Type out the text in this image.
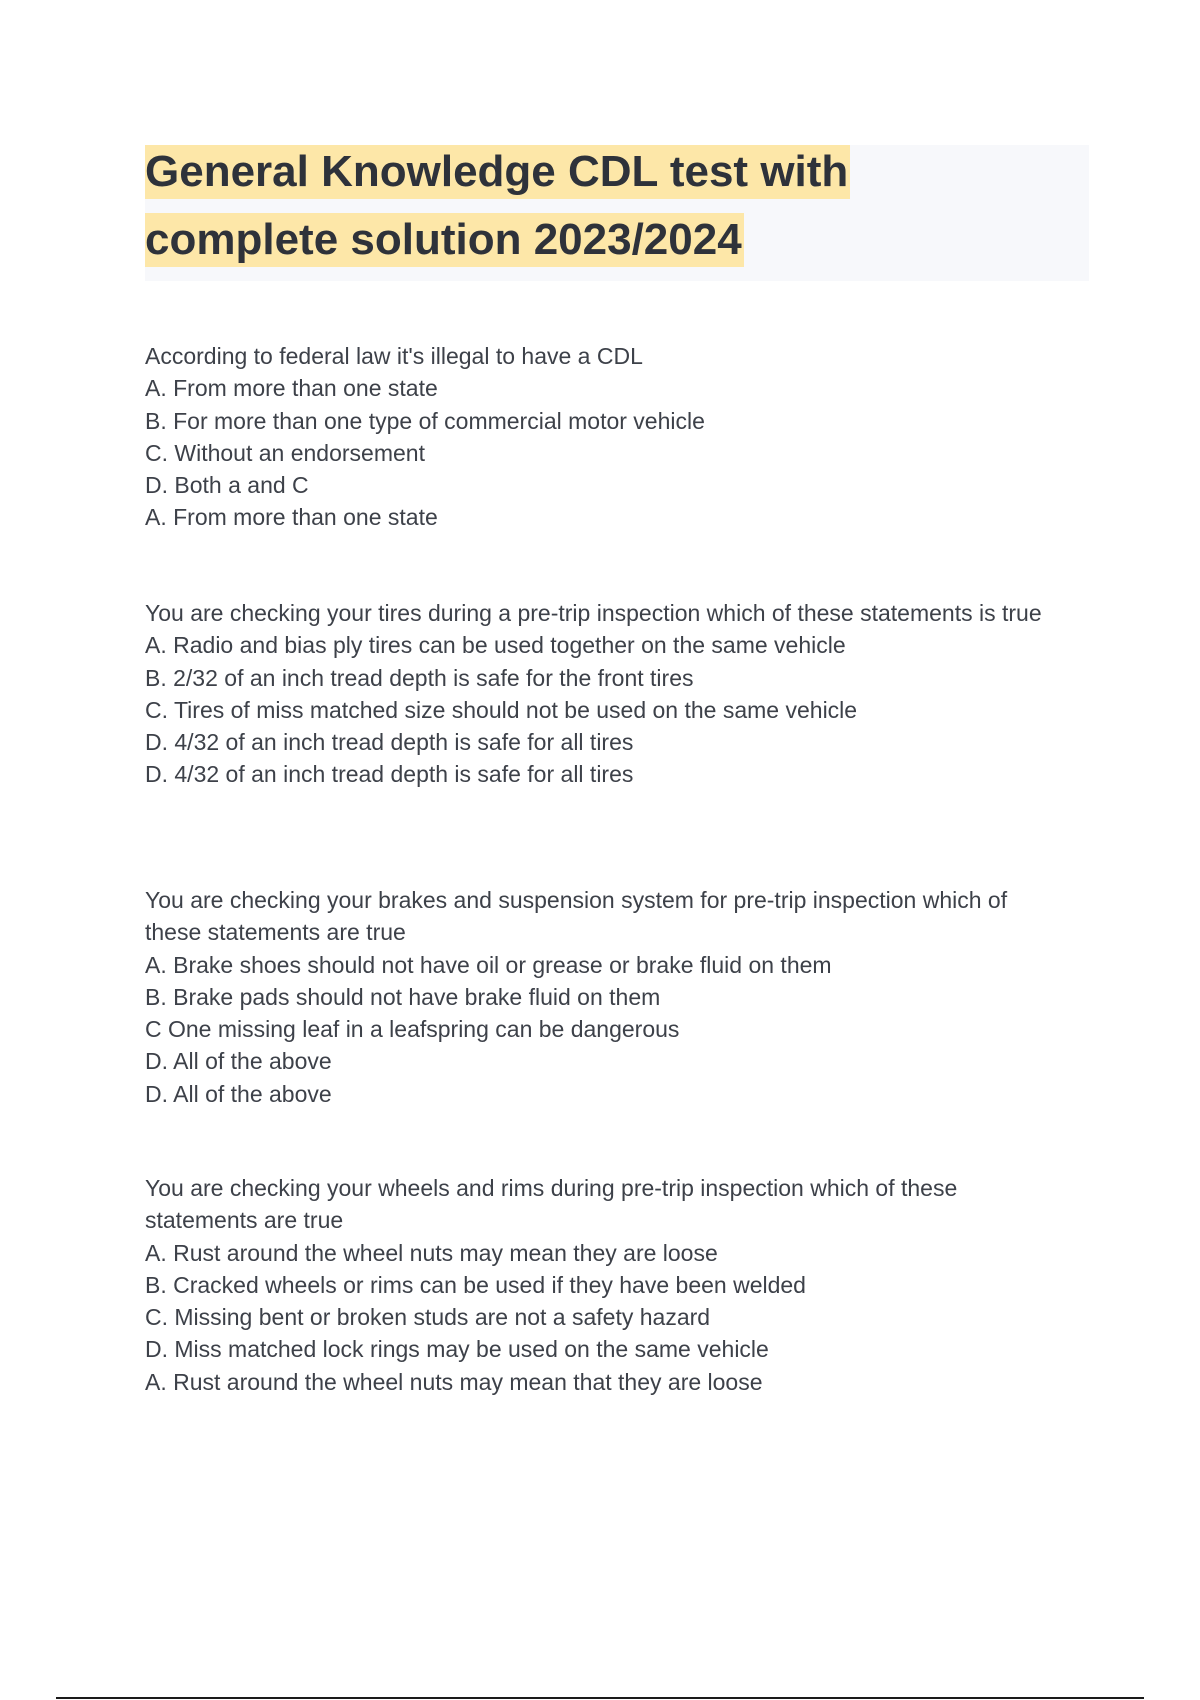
General Knowledge CDL test with
complete solution 2023/2024
According to federal law it's illegal to have a CDL
A. From more than one state
B. For more than one type of commercial motor vehicle
C. Without an endorsement
D. Both a and C
A. From more than one state
You are checking your tires during a pre-trip inspection which of these statements is true
A. Radio and bias ply tires can be used together on the same vehicle
B. 2/32 of an inch tread depth is safe for the front tires
C. Tires of miss matched size should not be used on the same vehicle
D. 4/32 of an inch tread depth is safe for all tires
D. 4/32 of an inch tread depth is safe for all tires
You are checking your brakes and suspension system for pre-trip inspection which of
these statements are true
A. Brake shoes should not have oil or grease or brake fluid on them
B. Brake pads should not have brake fluid on them
C One missing leaf in a leafspring can be dangerous
D. All of the above
D. All of the above
You are checking your wheels and rims during pre-trip inspection which of these
statements are true
A. Rust around the wheel nuts may mean they are loose
B. Cracked wheels or rims can be used if they have been welded
C. Missing bent or broken studs are not a safety hazard
D. Miss matched lock rings may be used on the same vehicle
A. Rust around the wheel nuts may mean that they are loose
